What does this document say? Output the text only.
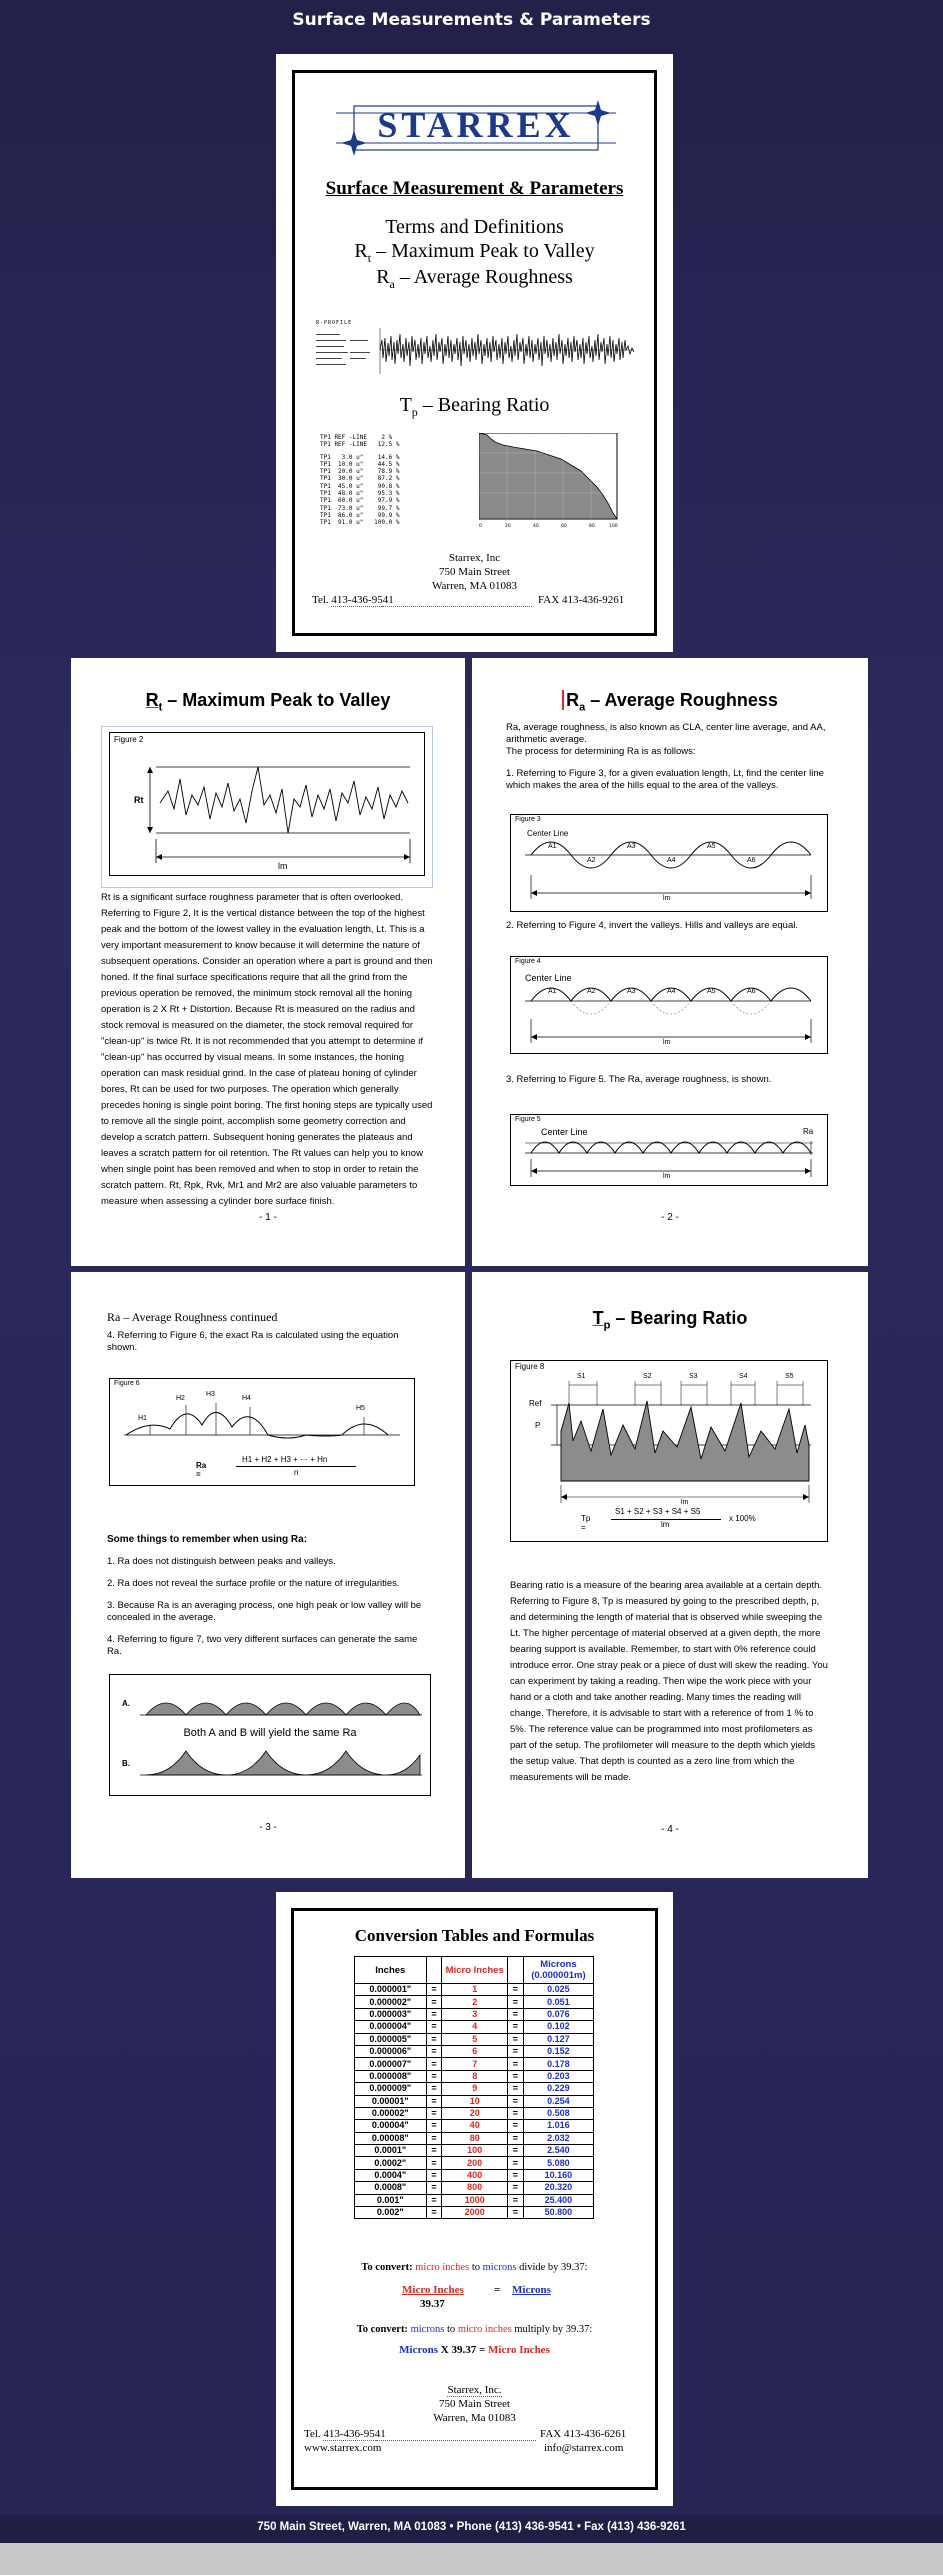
Surface Measurements & Parameters
STARREX
Surface Measurement & Parameters
Terms and Definitions
$R_t$ – Maximum Peak to Valley
$R_a$ – Average Roughness
R-PROFILE
$T_p$ – Bearing Ratio
TP1 REF -LINE    2 %
TP1 REF -LINE   12.5 %
TP1   3.0 u"    14.6 %
TP1  10.0 u"    44.5 %
TP1  20.0 u"    78.9 %
TP1  30.0 u"    87.2 %
TP1  45.0 u"    90.8 %
TP1  48.0 u"    95.3 %
TP1  60.0 u"    97.9 %
TP1  73.0 u"    99.7 %
TP1  86.0 u"    99.9 %
TP1  91.0 u"   100.0 %
0	20	40	60	80	100
Starrex, Inc
750 Main Street
Warren, MA 01083
Tel. 413-436-9541	FAX 413-436-9261
$R_t$ – Maximum Peak to Valley
Figure 2
Rt
lm
Rt is a significant surface roughness parameter that is often overlooked. Referring to Figure 2, It is the vertical distance between the top of the highest peak and the bottom of the lowest valley in the evaluation length, Lt. This is a very important measurement to know because it will determine the nature of subsequent operations. Consider an operation where a part is ground and then honed. If the final surface specifications require that all the grind from the previous operation be removed, the minimum stock removal all the honing operation is 2 X Rt + Distortion. Because Rt is measured on the radius and stock removal is measured on the diameter, the stock removal required for "clean-up" is twice Rt. It is not recommended that you attempt to determine if "clean-up" has occurred by visual means. In some instances, the honing operation can mask residual grind. In the case of plateau honing of cylinder bores, Rt can be used for two purposes. The operation which generally precedes honing is single point boring. The first honing steps are typically used to remove all the single point, accomplish some geometry correction and develop a scratch pattern. Subsequent honing generates the plateaus and leaves a scratch pattern for oil retention. The Rt values can help you to know when single point has been removed and when to stop in order to retain the scratch pattern. Rt, Rpk, Rvk, Mr1 and Mr2 are also valuable parameters to measure when assessing a cylinder bore surface finish.
- 1 -
$R_a$ – Average Roughness
Ra, average roughness, is also known as CLA, center line average, and AA, arithmetic average.
The process for determining Ra is as follows:
1. Referring to Figure 3, for a given evaluation length, Lt, find the center line which makes the area of the hills equal to the area of the valleys.
Figure 3
Center Line
A1
A2
A3
A4
A5
A6
lm
2. Referring to Figure 4, invert the valleys. Hills and valleys are equal.
Figure 4
Center Line
A1	A2	A3	A4	A5	A6
lm
3. Referring to Figure 5. The Ra, average roughness, is shown.
Figure 5
Center Line	Ra
lm
- 2 -
Ra – Average Roughness continued
4. Referring to Figure 6, the exact Ra is calculated using the equation shown.
Figure 6
H1
H2
H3
H4
H5
Ra =
H1 + H2 + H3 + ··· + Hn
n
Some things to remember when using Ra:
1. Ra does not distinguish between peaks and valleys.
2. Ra does not reveal the surface profile or the nature of irregularities.
3. Because Ra is an averaging process, one high peak or low valley will be concealed in the average.
4. Referring to figure 7, two very different surfaces can generate the same Ra.
A.
B.
Both A and B will yield the same Ra
- 3 -
$T_p$ – Bearing Ratio
Figure 8
S1	S2	S3	S4	S5
Ref
P
lm
Tp =
S1 + S2 + S3 + S4 + S5
lm
x 100%
Bearing ratio is a measure of the bearing area available at a certain depth. Referring to Figure 8, Tp is measured by going to the prescribed depth, p, and determining the length of material that is observed while sweeping the Lt. The higher percentage of material observed at a given depth, the more bearing support is available. Remember, to start with 0% reference could introduce error. One stray peak or a piece of dust will skew the reading. You can experiment by taking a reading. Then wipe the work piece with your hand or a cloth and take another reading. Many times the reading will change. Therefore, it is advisable to start with a reference of from 1 % to 5%. The reference value can be programmed into most profilometers as part of the setup. The profilometer will measure to the depth which yields the setup value. That depth is counted as a zero line from which the measurements will be made.
- 4 -
Conversion Tables and Formulas
Inches		Micro Inches		Microns (0.000001m)
0.000001"	=	1	=	0.025
0.000002"	=	2	=	0.051
0.000003"	=	3	=	0.076
0.000004"	=	4	=	0.102
0.000005"	=	5	=	0.127
0.000006"	=	6	=	0.152
0.000007"	=	7	=	0.178
0.000008"	=	8	=	0.203
0.000009"	=	9	=	0.229
0.00001"	=	10	=	0.254
0.00002"	=	20	=	0.508
0.00004"	=	40	=	1.016
0.00008"	=	80	=	2.032
0.0001"	=	100	=	2.540
0.0002"	=	200	=	5.080
0.0004"	=	400	=	10.160
0.0008"	=	800	=	20.320
0.001"	=	1000	=	25.400
0.002"	=	2000	=	50.800
To convert: micro inches to microns divide by 39.37:
Micro Inches
39.37
= Microns
To convert: microns to micro inches multiply by 39.37:
Microns X 39.37 = Micro Inches
Starrex, Inc.
750 Main Street
Warren, Ma 01083
Tel. 413-436-9541	FAX 413-436-6261
www.starrex.com	info@starrex.com
750 Main Street, Warren, MA 01083 • Phone (413) 436-9541 • Fax (413) 436-9261
